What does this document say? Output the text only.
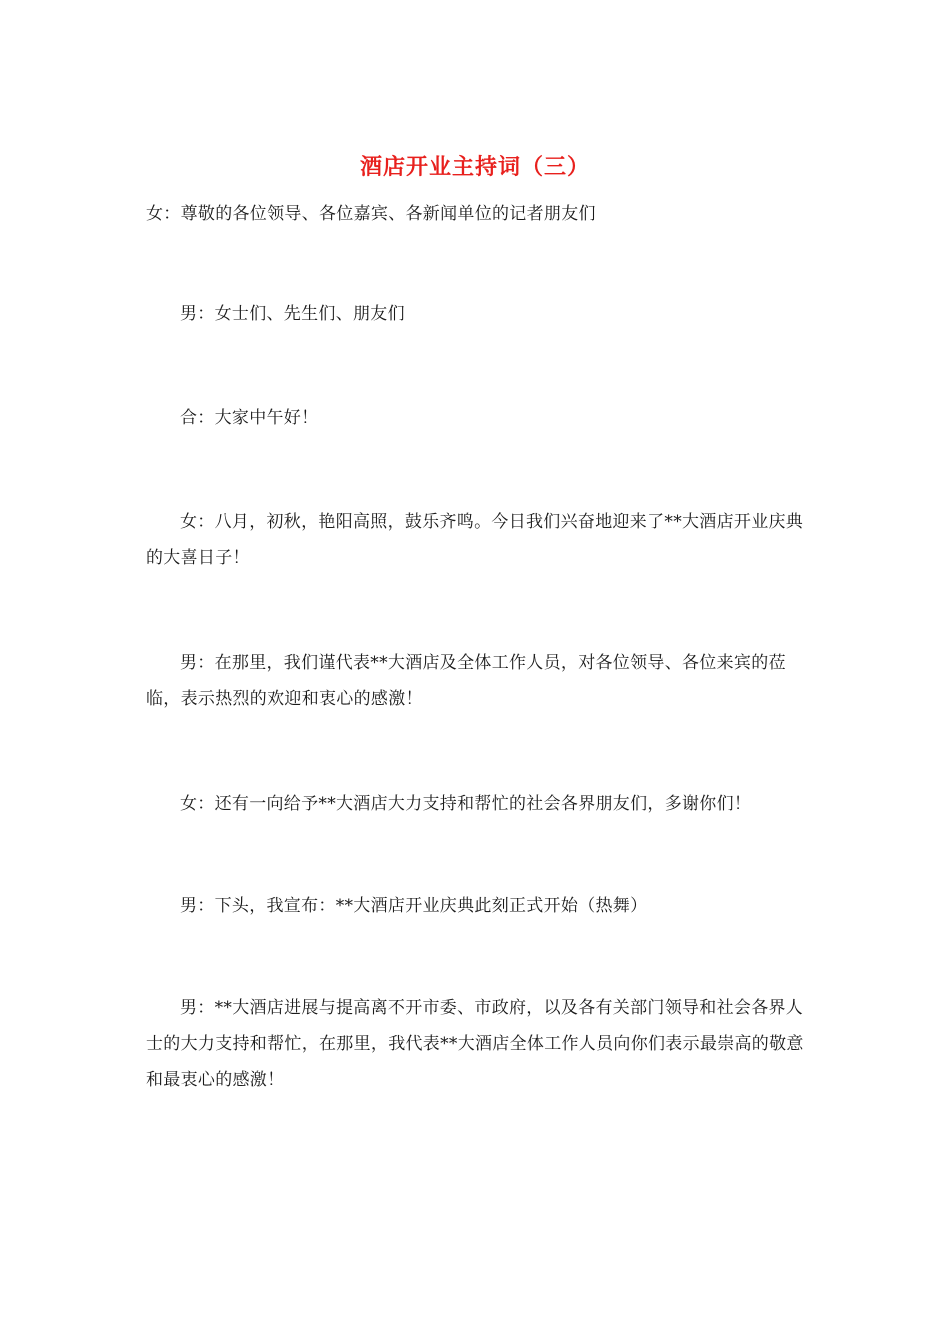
酒店开业主持词（三）

女：尊敬的各位领导、各位嘉宾、各新闻单位的记者朋友们

男：女士们、先生们、朋友们

合：大家中午好！

女：八月，初秋，艳阳高照，鼓乐齐鸣。今日我们兴奋地迎来了**大酒店开业庆典的大喜日子！

男：在那里，我们谨代表**大酒店及全体工作人员，对各位领导、各位来宾的莅临，表示热烈的欢迎和衷心的感激！

女：还有一向给予**大酒店大力支持和帮忙的社会各界朋友们，多谢你们！

男：下头，我宣布：**大酒店开业庆典此刻正式开始（热舞）

男：**大酒店进展与提高离不开市委、市政府，以及各有关部门领导和社会各界人士的大力支持和帮忙，在那里，我代表**大酒店全体工作人员向你们表示最崇高的敬意和最衷心的感激！
